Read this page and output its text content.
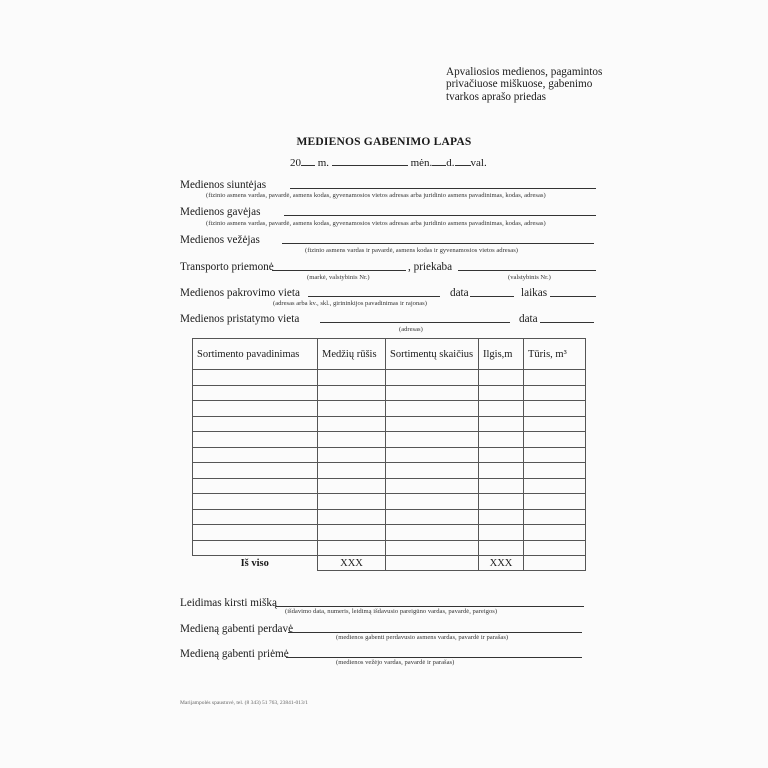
Apvaliosios medienos, pagamintos
privačiuose miškuose, gabenimo
tvarkos aprašo priedas
MEDIENOS GABENIMO LAPAS
20 m.	mėn. d. val.
Medienos siuntėjas
(fizinio asmens vardas, pavardė, asmens kodas, gyvenamosios vietos adresas arba juridinio asmens pavadinimas, kodas, adresas)
Medienos gavėjas
(fizinio asmens vardas, pavardė, asmens kodas, gyvenamosios vietos adresas arba juridinio asmens pavadinimas, kodas, adresas)
Medienos vežėjas
(fizinio asmens vardas ir pavardė, asmens kodas ir gyvenamosios vietos adresas)
Transporto priemonė	, priekaba
(markė, valstybinis Nr.)	(valstybinis Nr.)
Medienos pakrovimo vieta	data	laikas
(adresas arba kv., skl., girininkijos pavadinimas ir rajonas)
Medienos pristatymo vieta	data
(adresas)
Sortimento pavadinimas	Medžių rūšis	Sortimentų skaičius	Ilgis,m	Tūris, m³

Iš viso	XXX		XXX	
Leidimas kirsti mišką
(išdavimo data, numeris, leidimą išdavusio pareigūno vardas, pavardė, pareigos)
Medieną gabenti perdavė
(medienos gabenti perdavusio asmens vardas, pavardė ir parašas)
Medieną gabenti priėmė
(medienos vežėjo vardas, pavardė ir parašas)
Marijampolės spaustuvė, tel. (8 343) 51 763, 23841-013/1
